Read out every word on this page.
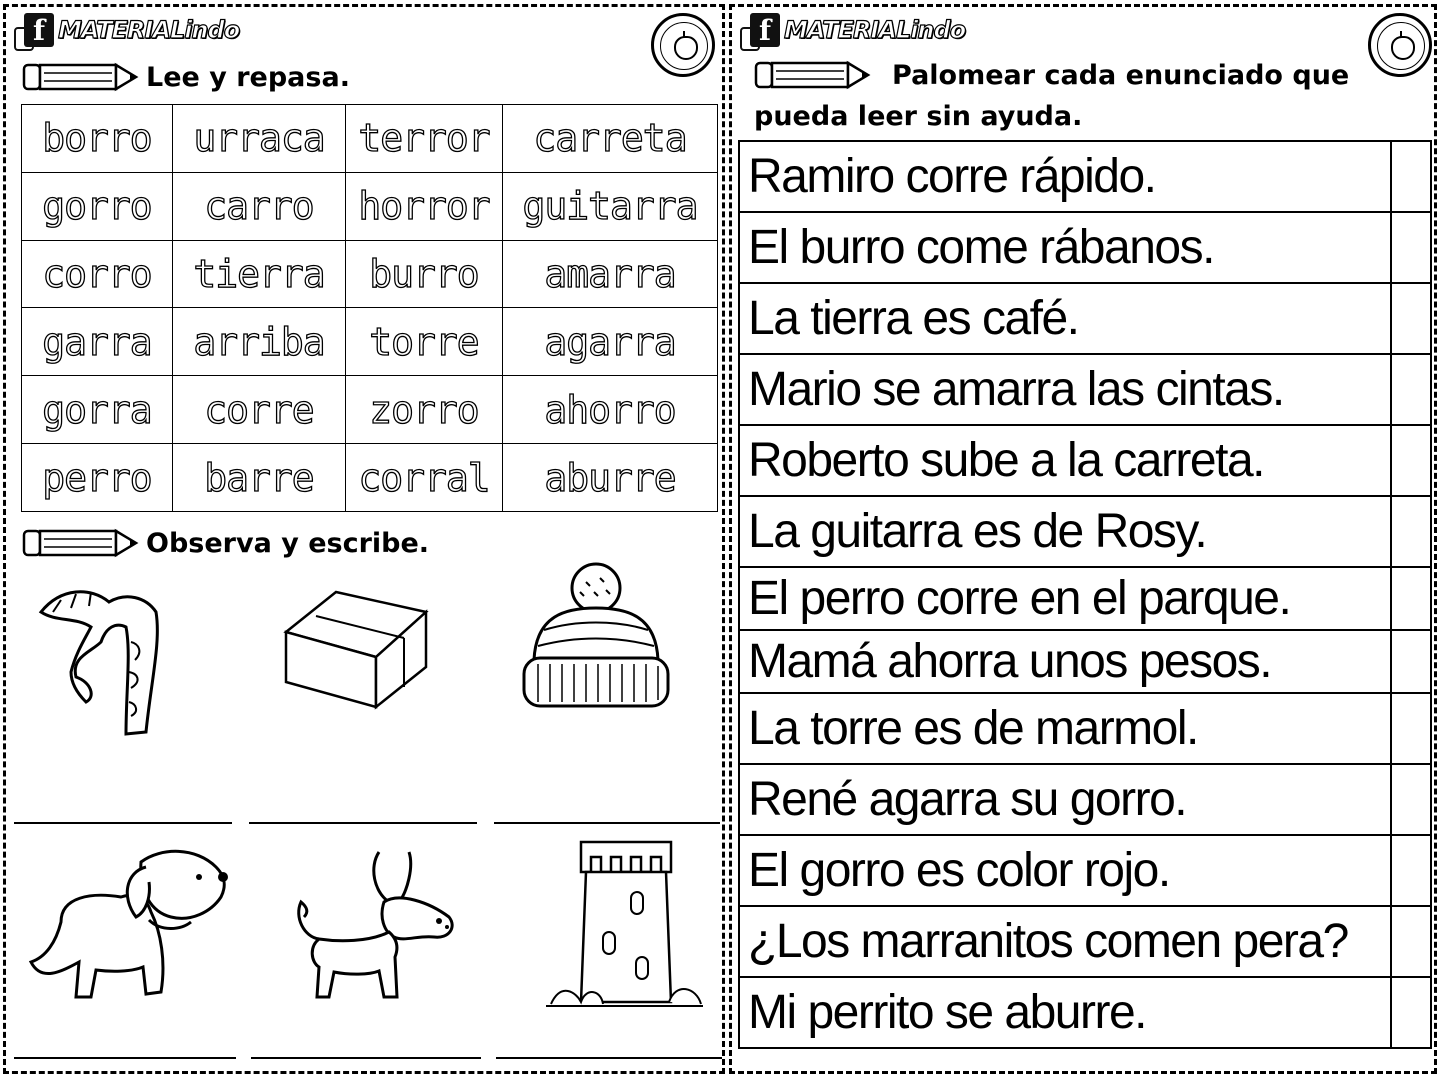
f MATERIALindo
Lee y repasa.
borro	urraca	terror	carreta
gorro	carro	horror	guitarra
corro	tierra	burro	amarra
garra	arriba	torre	agarra
gorra	corre	zorro	ahorro
perro	barre	corral	aburre
Observa y escribe.
f MATERIALindo
Palomear cada enunciado que
pueda leer sin ayuda.
Ramiro corre rápido.	
El burro come rábanos.	
La tierra es café.	
Mario se amarra las cintas.	
Roberto sube a la carreta.	
La guitarra es de Rosy.	
El perro corre en el parque.	
Mamá ahorra unos pesos.	
La torre es de marmol.	
René agarra su gorro.	
El gorro es color rojo.	
¿Los marranitos comen pera?	
Mi perrito se aburre.	
